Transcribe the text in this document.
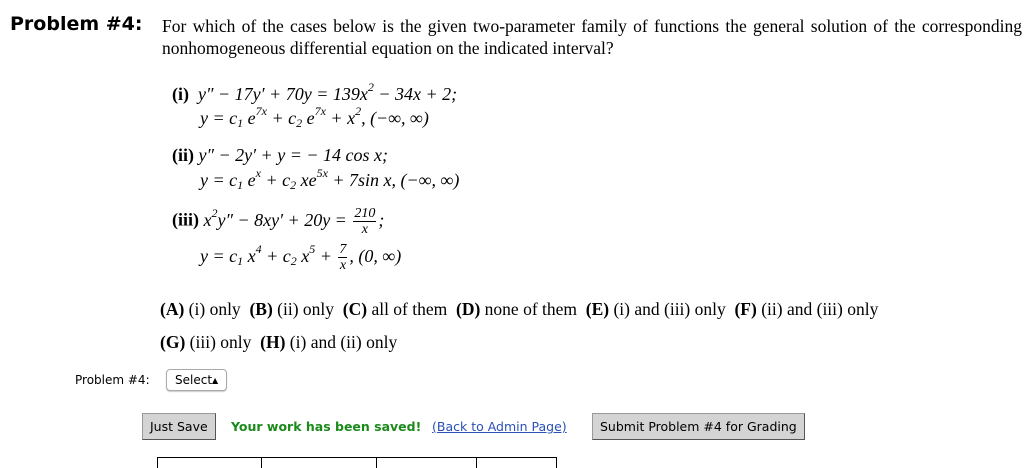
Problem #4: For which of the cases below is the given two-parameter family of functions the general solution of the corresponding nonhomogeneous differential equation on the indicated interval?
(i) $y'' - 17y' + 70y = 139x^2 - 34x + 2$;
$y = c_1$ $e^{7x} + c_2$ $e^{7x} + x^2$, (−∞, ∞)
(ii) y″ − 2y′ + y = − 14 cos x;
$y = c_1$ $e^x + c_2$ $xe^{5x} + 7\sin$ x, (−∞, ∞)
(iii) $x^2y'' - 8xy' + 20y = \frac{210}{x}$ ;
$y = c_1$ $x^4 + c_2$ $x^5 + \frac{7}{x}$ , (0, ∞)
(A) (i) only (B) (ii) only (C) all of them (D) none of them (E) (i) and (iii) only (F) (ii) and (iii) only
(G) (iii) only (H) (i) and (ii) only
Problem #4:	Select▲​
Just Save	Your work has been saved! (Back to Admin Page)	Submit Problem #4 for Grading
